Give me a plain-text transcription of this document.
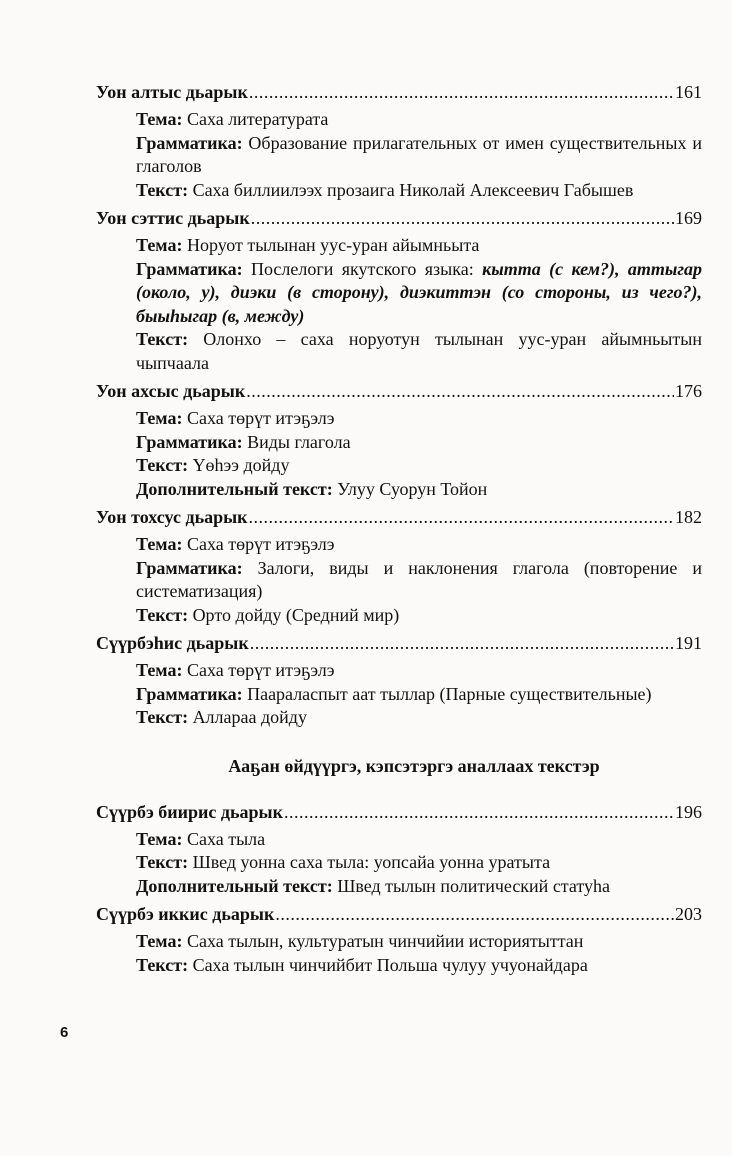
Уон алтыс дьарык .....	161
Тема: Саха литературата
Грамматика: Образование прилагательных от имен существительных и глаголов
Текст: Саха биллиилээх прозаига Николай Алексеевич Габышев
Уон сэттис дьарык .....	169
Тема: Норуот тылынан уус-уран айымньыта
Грамматика: Послелоги якутского языка: кытта (с кем?), аттыгар (около, у), диэки (в сторону), диэкиттэн (со стороны, из чего?), быыhыгар (в, между)
Текст: Олонхо – саха норуотун тылынан уус-уран айымньытын чыпчаала
Уон ахсыс дьарык .....	176
Тема: Саха төрүт итэҕэлэ
Грамматика: Виды глагола
Текст: Үөhээ дойду
Дополнительный текст: Улуу Суорун Тойон
Уон тохсус дьарык .....	182
Тема: Саха төрүт итэҕэлэ
Грамматика: Залоги, виды и наклонения глагола (повторение и систематизация)
Текст: Орто дойду (Средний мир)
Сүүрбэhис дьарык .....	191
Тема: Саха төрүт итэҕэлэ
Грамматика: Паараласпыт аат тыллар (Парные существительные)
Текст: Аллараа дойду
Ааҕан өйдүүргэ, кэпсэтэргэ аналлаах текстэр
Сүүрбэ биирис дьарык .....	196
Тема: Саха тыла
Текст: Швед уонна саха тыла: уопсайа уонна уратыта
Дополнительный текст: Швед тылын политический статуhа
Сүүрбэ иккис дьарык .....	203
Тема: Саха тылын, культуратын чинчийии историятыттан
Текст: Саха тылын чинчийбит Польша чулуу учуонайдара
6
